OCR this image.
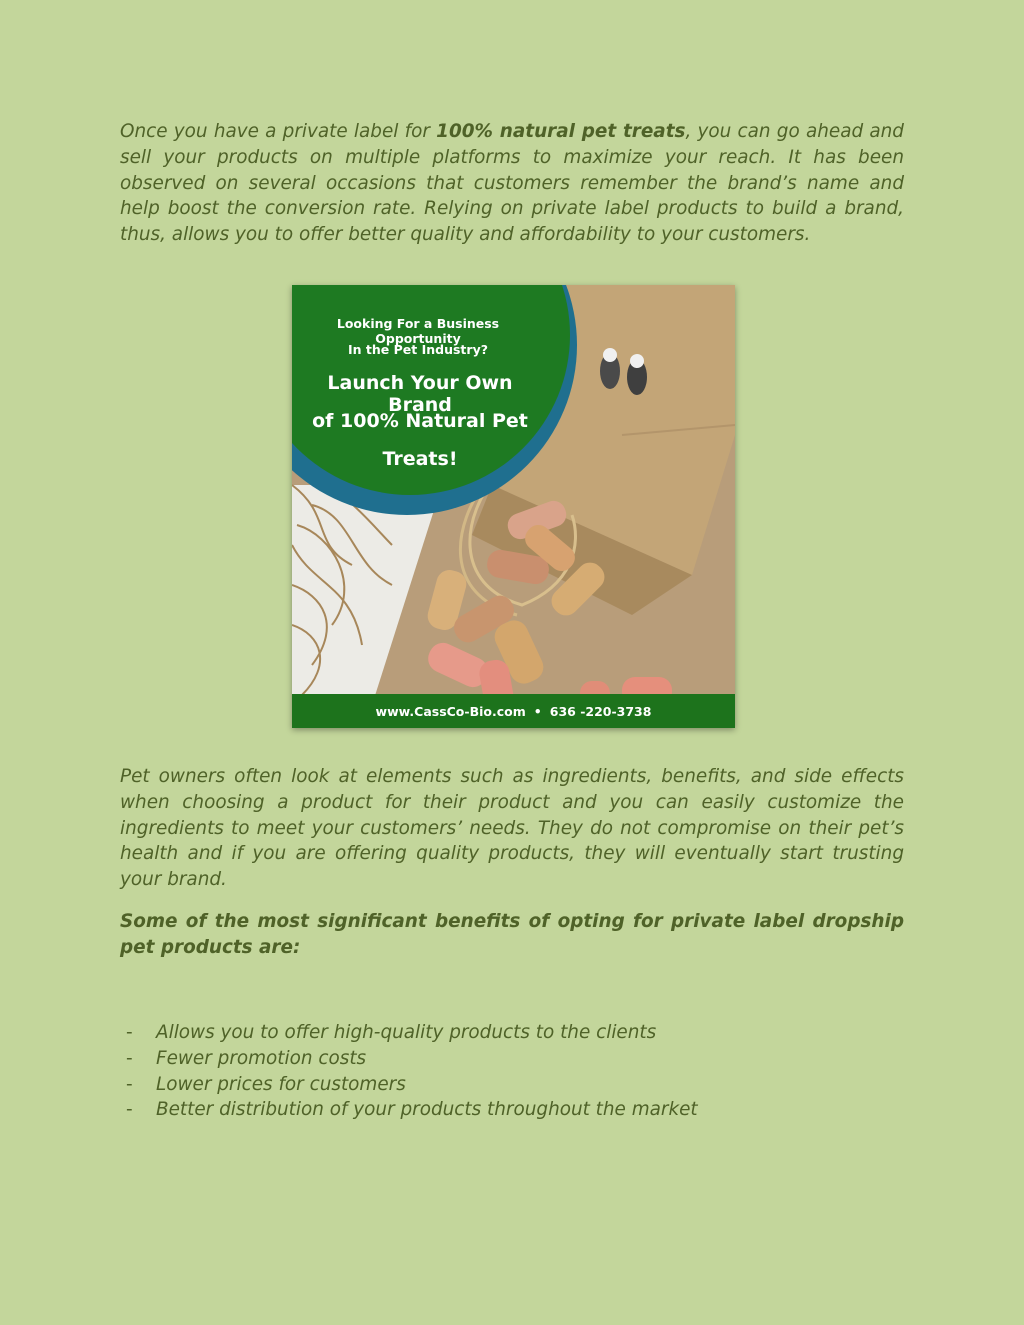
Once you have a private label for 100% natural pet treats, you can go ahead and sell your products on multiple platforms to maximize your reach. It has been observed on several occasions that customers remember the brand’s name and help boost the conversion rate. Relying on private label products to build a brand, thus, allows you to offer better quality and affordability to your customers.

Looking For a Business Opportunity
In the Pet Industry?
Launch Your Own Brand
of 100% Natural Pet
Treats!
www.CassCo-Bio.com • 636 -220-3738

Pet owners often look at elements such as ingredients, benefits, and side effects when choosing a product for their product and you can easily customize the ingredients to meet your customers’ needs. They do not compromise on their pet’s health and if you are offering quality products, they will eventually start trusting your brand.

Some of the most significant benefits of opting for private label dropship pet products are:

- Allows you to offer high-quality products to the clients
- Fewer promotion costs
- Lower prices for customers
- Better distribution of your products throughout the market
